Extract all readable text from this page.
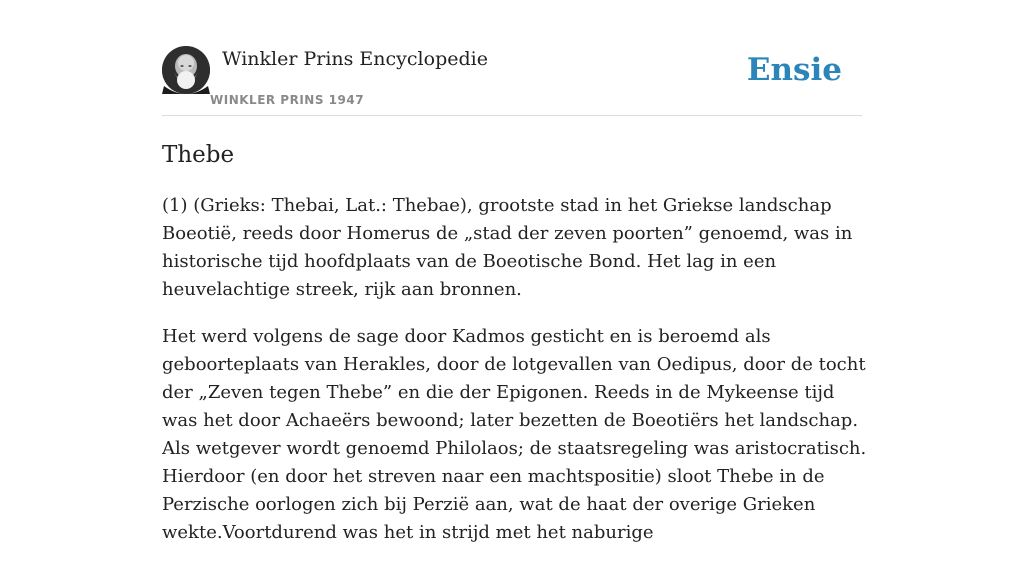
Winkler Prins Encyclopedie
WINKLER PRINS 1947
Ensie
Thebe

(1) (Grieks: Thebai, Lat.: Thebae), grootste stad in het Griekse landschap Boeotië, reeds door Homerus de „stad der zeven poorten” genoemd, was in historische tijd hoofdplaats van de Boeotische Bond. Het lag in een heuvelachtige streek, rijk aan bronnen.

Het werd volgens de sage door Kadmos gesticht en is beroemd als geboorteplaats van Herakles, door de lotgevallen van Oedipus, door de tocht der „Zeven tegen Thebe” en die der Epigonen. Reeds in de Mykeense tijd was het door Achaeërs bewoond; later bezetten de Boeotiërs het landschap. Als wetgever wordt genoemd Philolaos; de staatsregeling was aristocratisch. Hierdoor (en door het streven naar een machtspositie) sloot Thebe in de Perzische oorlogen zich bij Perzië aan, wat de haat der overige Grieken wekte.Voortdurend was het in strijd met het naburige
